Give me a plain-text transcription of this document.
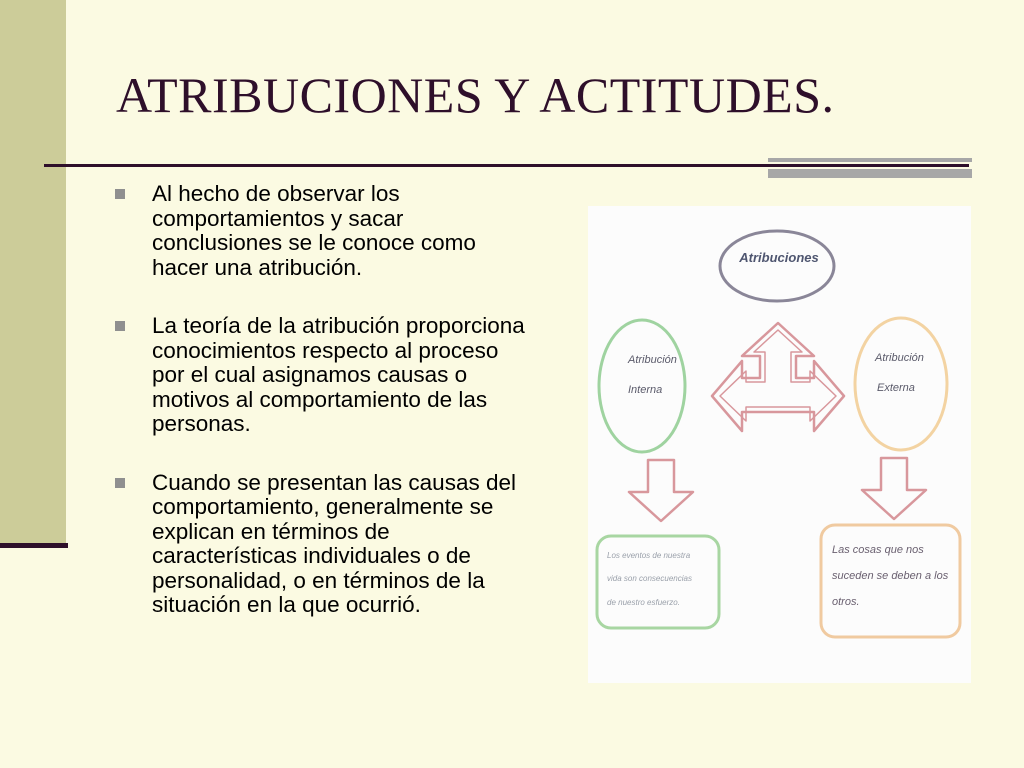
ATRIBUCIONES Y ACTITUDES.
Al hecho de observar los comportamientos y sacar conclusiones se le conoce como hacer una atribución.
La teoría de la atribución proporciona conocimientos respecto al proceso por el cual asignamos causas o motivos al comportamiento de las personas.
Cuando se presentan las causas del comportamiento, generalmente se explican en términos de características individuales o de personalidad, o en términos de la situación en la que ocurrió.
Atribuciones
Atribución
Interna
Atribución
Externa
Los eventos de nuestra
vida son consecuencias
de nuestro esfuerzo.
Las cosas que nos
suceden se deben a los
otros.
